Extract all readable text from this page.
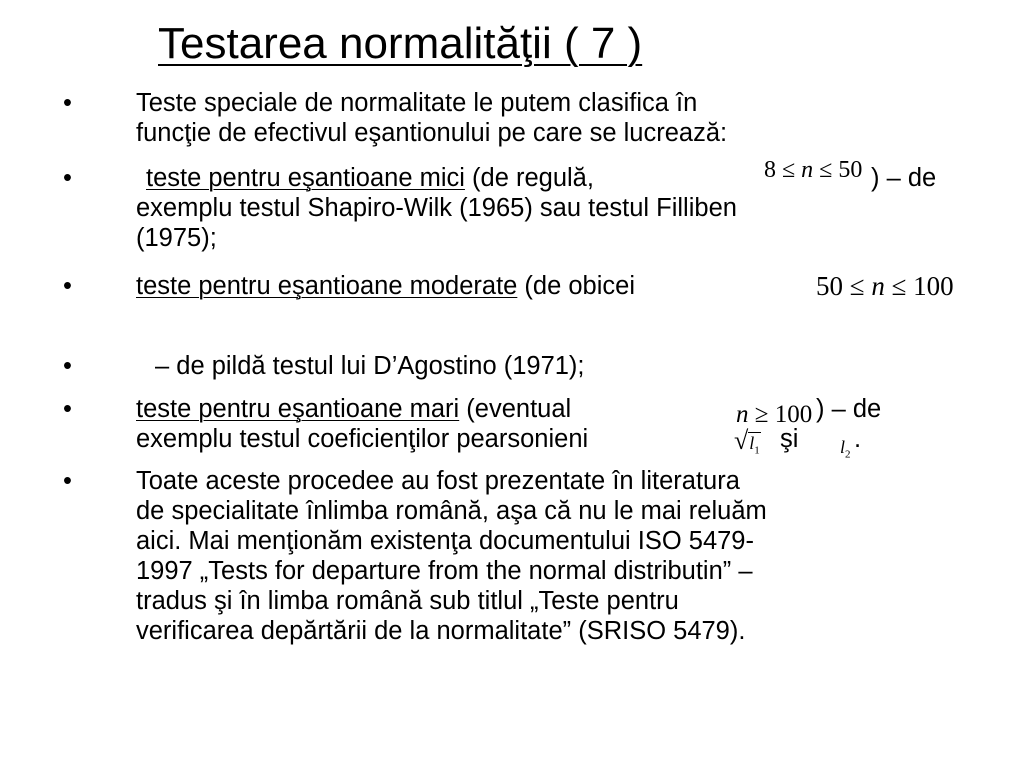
Testarea normalităţii ( 7 )
•	Teste speciale de normalitate le putem clasifica în
funcţie de efectivul eşantionului pe care se lucrează:
•	teste pentru eşantioane mici (de regulă,	8 ≤ n ≤ 50 ) – de
exemplu testul Shapiro-Wilk (1965) sau testul Filliben
(1975);
•	teste pentru eşantioane moderate (de obicei	50 ≤ n ≤ 100
•	– de pildă testul lui D’Agostino (1971);
•	teste pentru eşantioane mari (eventual	n ≥ 100 ) – de
exemplu testul coeficienţilor pearsonieni	$√l_1$ şi $l_2$
.
•	Toate aceste procedee au fost prezentate în literatura
de specialitate înlimba română, aşa că nu le mai reluăm
aici. Mai menţionăm existenţa documentului ISO 5479-
1997 „Tests for departure from the normal distributin” –
tradus şi în limba română sub titlul „Teste pentru
verificarea depărtării de la normalitate” (SRISO 5479).
